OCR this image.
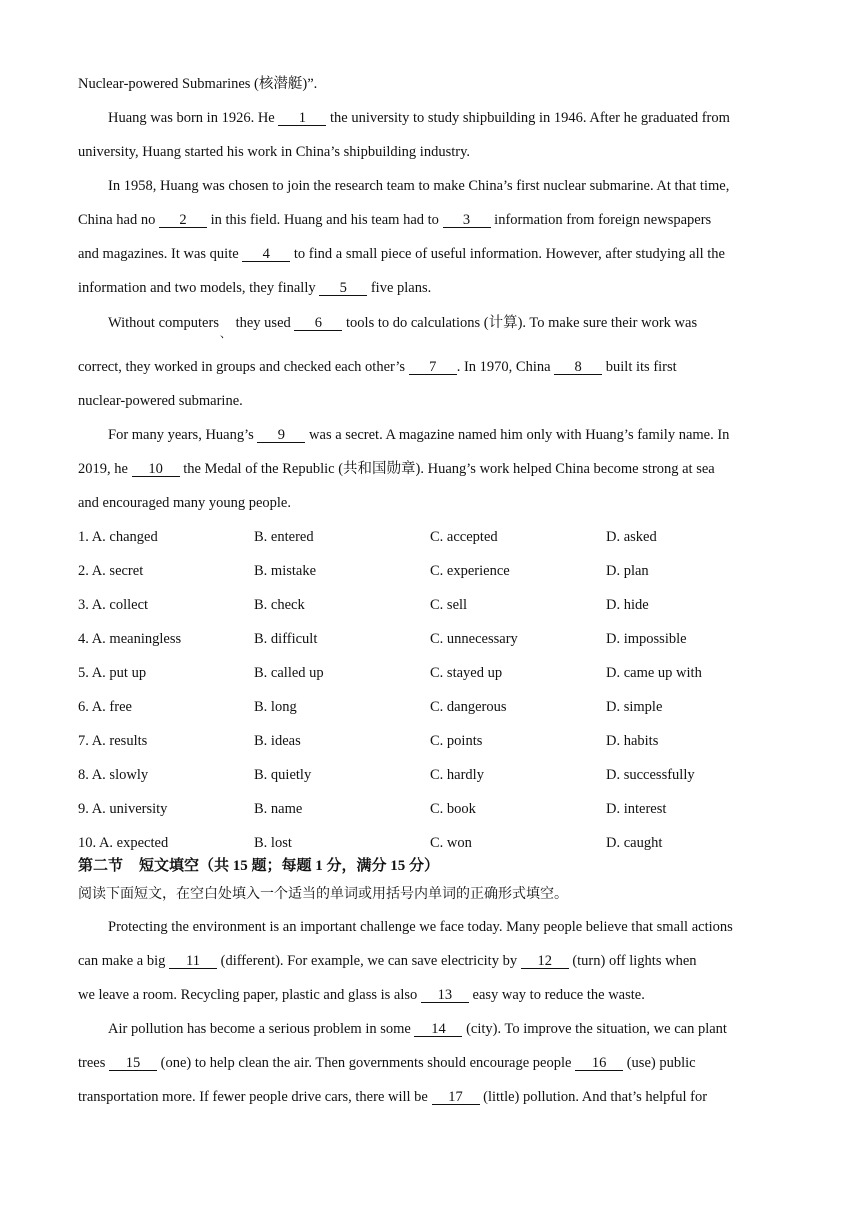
Nuclear-powered Submarines (核潜艇)”.
Huang was born in 1926. He 1 the university to study shipbuilding in 1946. After he graduated from
university, Huang started his work in China’s shipbuilding industry.
In 1958, Huang was chosen to join the research team to make China’s first nuclear submarine. At that time,
China had no 2 in this field. Huang and his team had to 3 information from foreign newspapers
and magazines. It was quite 4 to find a small piece of useful information. However, after studying all the
information and two models, they finally 5 five plans.
Without computers$_、$ they used 6 tools to do calculations (计算). To make sure their work was
correct, they worked in groups and checked each other’s 7 . In 1970, China 8 built its first
nuclear-powered submarine.
For many years, Huang’s 9 was a secret. A magazine named him only with Huang’s family name. In
2019, he 10 the Medal of the Republic (共和国勋章). Huang’s work helped China become strong at sea
and encouraged many young people.
1. A. changed	B. entered	C. accepted	D. asked
2. A. secret	B. mistake	C. experience	D. plan
3. A. collect	B. check	C. sell	D. hide
4. A. meaningless	B. difficult	C. unnecessary	D. impossible
5. A. put up	B. called up	C. stayed up	D. came up with
6. A. free	B. long	C. dangerous	D. simple
7. A. results	B. ideas	C. points	D. habits
8. A. slowly	B. quietly	C. hardly	D. successfully
9. A. university	B. name	C. book	D. interest
10. A. expected	B. lost	C. won	D. caught
第二节 短文填空（共 15 题；每题 1 分，满分 15 分）
阅读下面短文，在空白处填入一个适当的单词或用括号内单词的正确形式填空。
Protecting the environment is an important challenge we face today. Many people believe that small actions
can make a big 11 (different). For example, we can save electricity by 12 (turn) off lights when
we leave a room. Recycling paper, plastic and glass is also 13 easy way to reduce the waste.
Air pollution has become a serious problem in some 14 (city). To improve the situation, we can plant
trees 15 (one) to help clean the air. Then governments should encourage people 16 (use) public
transportation more. If fewer people drive cars, there will be 17 (little) pollution. And that’s helpful for
